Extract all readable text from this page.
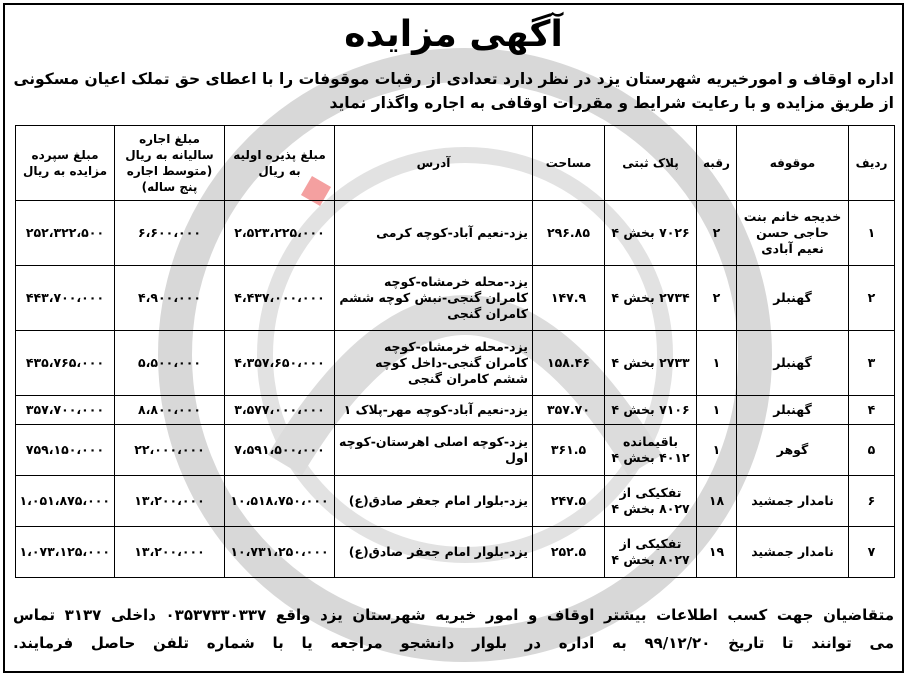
آگهی مزایده

اداره اوقاف و امورخیریه شهرستان یزد در نظر دارد تعدادی از رقبات موقوفات را با اعطای حق تملک اعیان مسکونی از طریق مزایده و با رعایت شرایط و مقررات اوقافی به اجاره واگذار نماید

ردیف	موقوفه	رقبه	پلاک ثبتی	مساحت	آدرس	مبلغ پذیره اولیه به ریال	مبلغ اجاره سالیانه به ریال (متوسط اجاره پنج ساله)	مبلغ سپرده مزایده به ریال
۱	خدیجه خانم بنت حاجی حسن نعیم آبادی	۲	۷۰۲۶ بخش ۴	۲۹۶.۸۵	یزد-نعیم آباد-کوچه کرمی	۲،۵۲۳،۲۲۵،۰۰۰	۶،۶۰۰،۰۰۰	۲۵۲،۳۲۲،۵۰۰
۲	گهنبلر	۲	۲۷۳۴ بخش ۴	۱۴۷.۹	یزد-محله خرمشاه-کوچه کامران گنجی-نبش کوچه ششم کامران گنجی	۴،۴۳۷،۰۰۰،۰۰۰	۴،۹۰۰،۰۰۰	۴۴۳،۷۰۰،۰۰۰
۳	گهنبلر	۱	۲۷۳۳ بخش ۴	۱۵۸.۴۶	یزد-محله خرمشاه-کوچه کامران گنجی-داخل کوچه ششم کامران گنجی	۴،۳۵۷،۶۵۰،۰۰۰	۵،۵۰۰،۰۰۰	۴۳۵،۷۶۵،۰۰۰
۴	گهنبلر	۱	۷۱۰۶ بخش ۴	۳۵۷.۷۰	یزد-نعیم آباد-کوچه مهر-پلاک ۱	۳،۵۷۷،۰۰۰،۰۰۰	۸،۸۰۰،۰۰۰	۳۵۷،۷۰۰،۰۰۰
۵	گوهر	۱	باقیمانده ۴۰۱۲ بخش ۴	۳۶۱.۵	یزد-کوچه اصلی اهرستان-کوچه اول	۷،۵۹۱،۵۰۰،۰۰۰	۲۲،۰۰۰،۰۰۰	۷۵۹،۱۵۰،۰۰۰
۶	نامدار جمشید	۱۸	تفکیکی از ۸۰۲۷ بخش ۴	۲۴۷.۵	یزد-بلوار امام جعفر صادق(ع)	۱۰،۵۱۸،۷۵۰،۰۰۰	۱۳،۲۰۰،۰۰۰	۱،۰۵۱،۸۷۵،۰۰۰
۷	نامدار جمشید	۱۹	تفکیکی از ۸۰۲۷ بخش ۴	۲۵۲.۵	یزد-بلوار امام جعفر صادق(ع)	۱۰،۷۳۱،۲۵۰،۰۰۰	۱۳،۲۰۰،۰۰۰	۱،۰۷۳،۱۲۵،۰۰۰
متقاضیان جهت کسب اطلاعات بیشتر اوقاف و امور خیریه شهرستان یزد واقع ۰۳۵۳۷۳۳۰۳۳۷ داخلی ۳۱۳۷ تماس
می توانند تا تاریخ ۹۹/۱۲/۲۰ به اداره در بلوار دانشجو مراجعه یا با شماره تلفن حاصل فرمایند.
